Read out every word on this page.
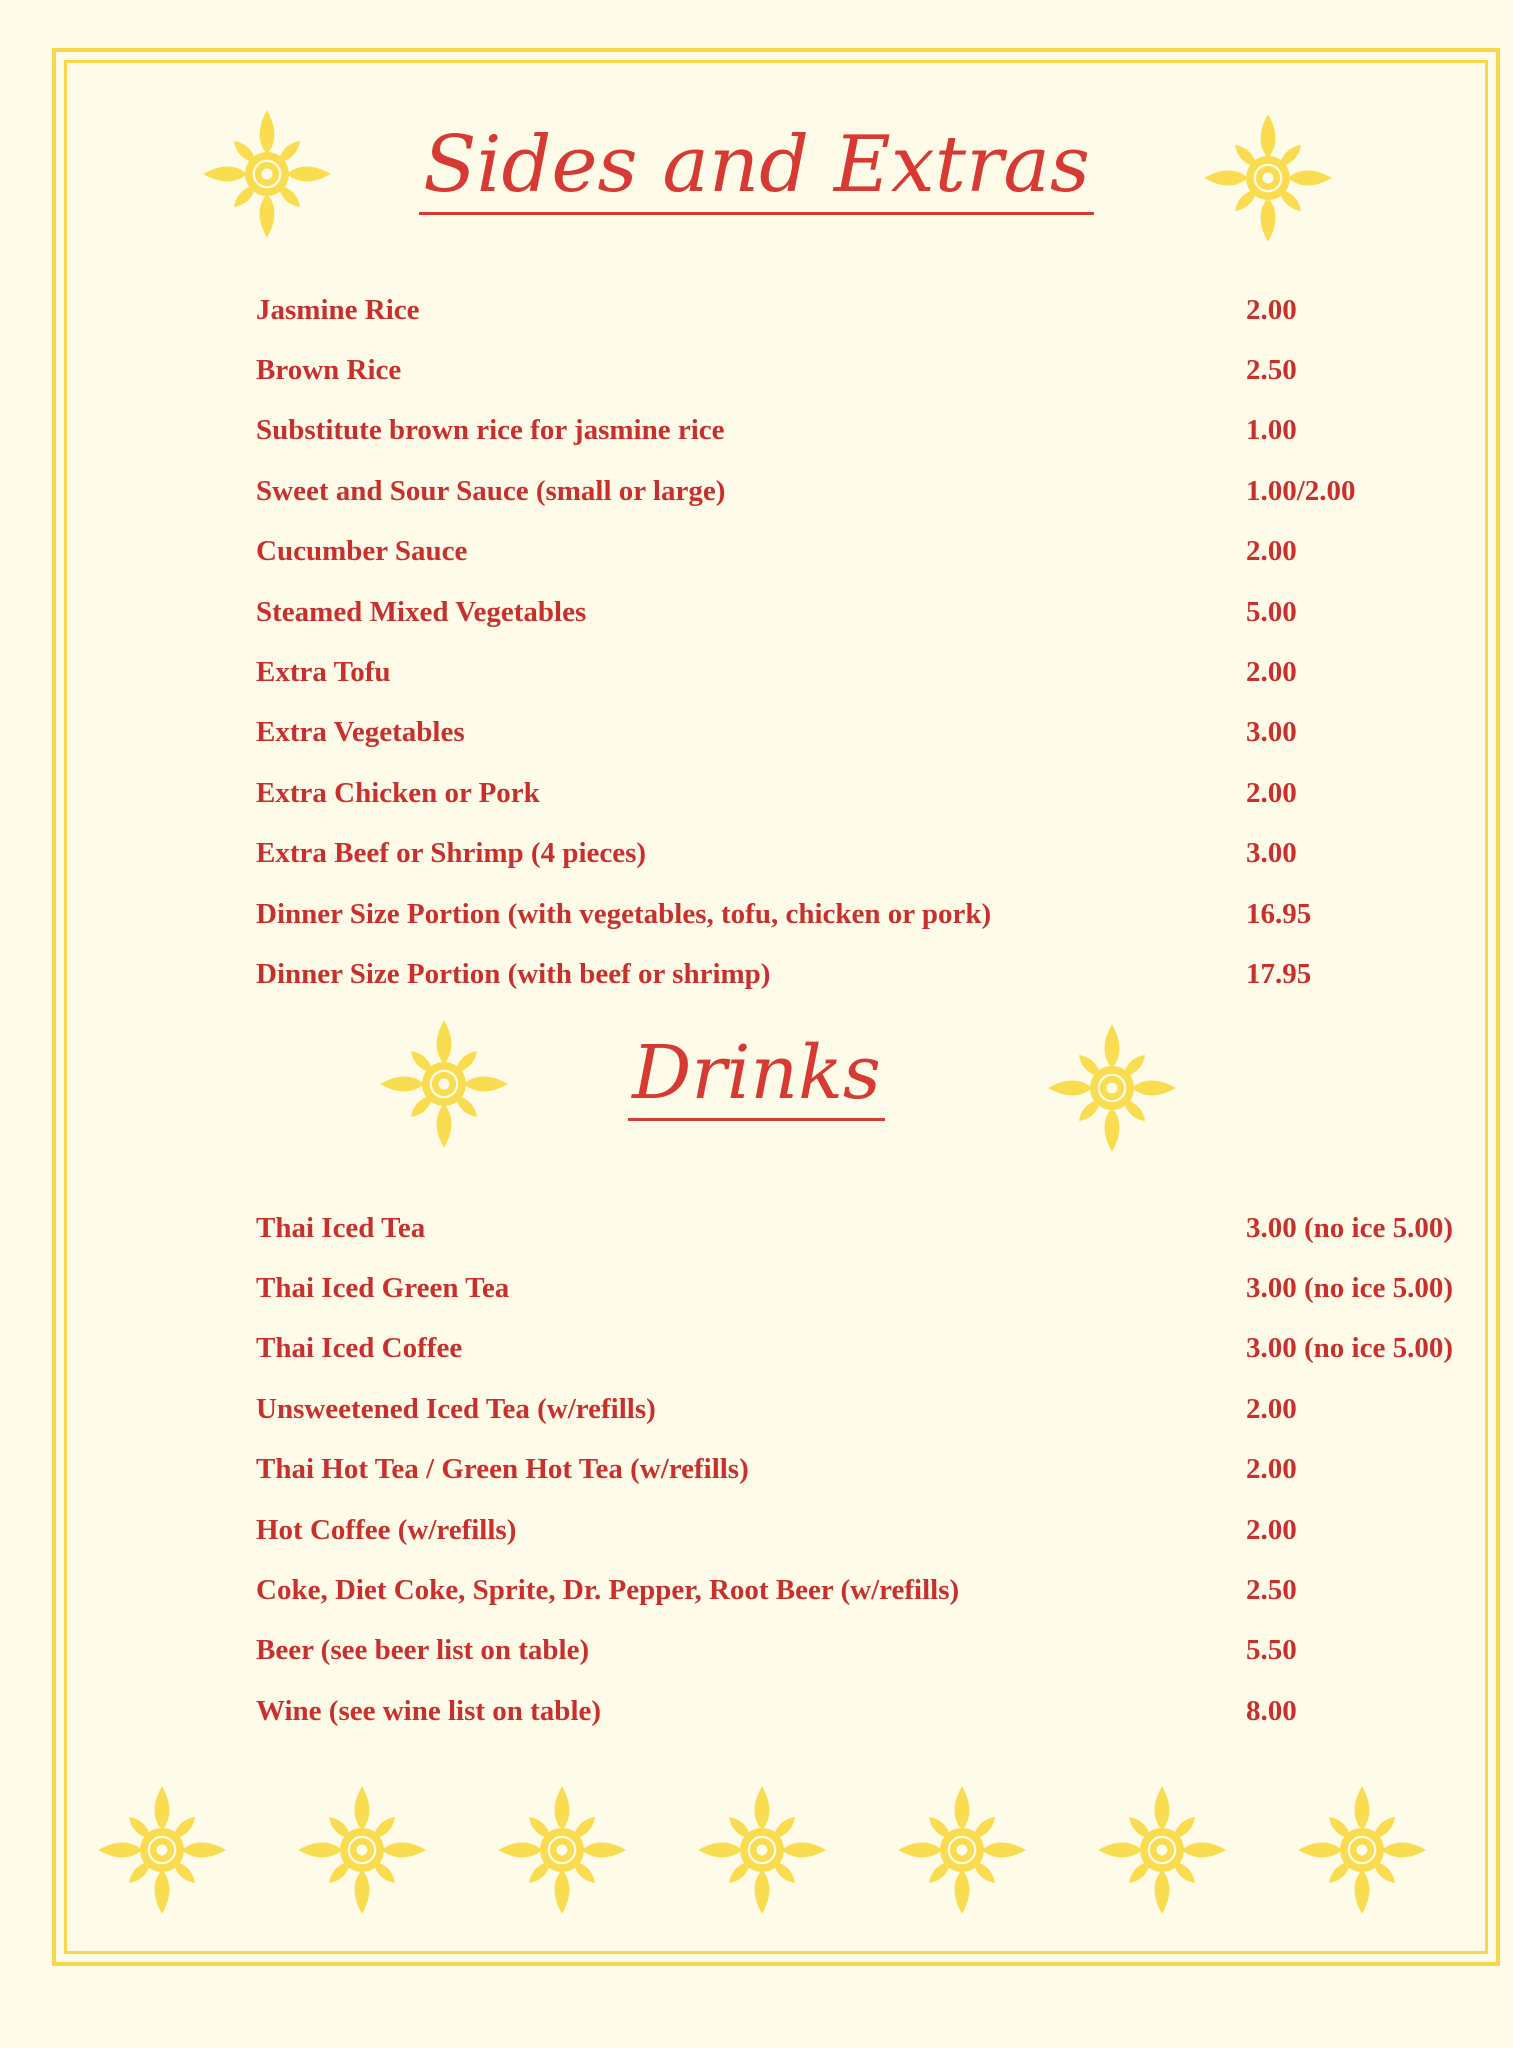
Sides and Extras
Jasmine Rice	2.00
Brown Rice	2.50
Substitute brown rice for jasmine rice	1.00
Sweet and Sour Sauce (small or large)	1.00/2.00
Cucumber Sauce	2.00
Steamed Mixed Vegetables	5.00
Extra Tofu	2.00
Extra Vegetables	3.00
Extra Chicken or Pork	2.00
Extra Beef or Shrimp (4 pieces)	3.00
Dinner Size Portion (with vegetables, tofu, chicken or pork)	16.95
Dinner Size Portion (with beef or shrimp)	17.95
Drinks
Thai Iced Tea	3.00 (no ice 5.00)
Thai Iced Green Tea	3.00 (no ice 5.00)
Thai Iced Coffee	3.00 (no ice 5.00)
Unsweetened Iced Tea (w/refills)	2.00
Thai Hot Tea / Green Hot Tea (w/refills)	2.00
Hot Coffee (w/refills)	2.00
Coke, Diet Coke, Sprite, Dr. Pepper, Root Beer (w/refills)	2.50
Beer (see beer list on table)	5.50
Wine (see wine list on table)	8.00
